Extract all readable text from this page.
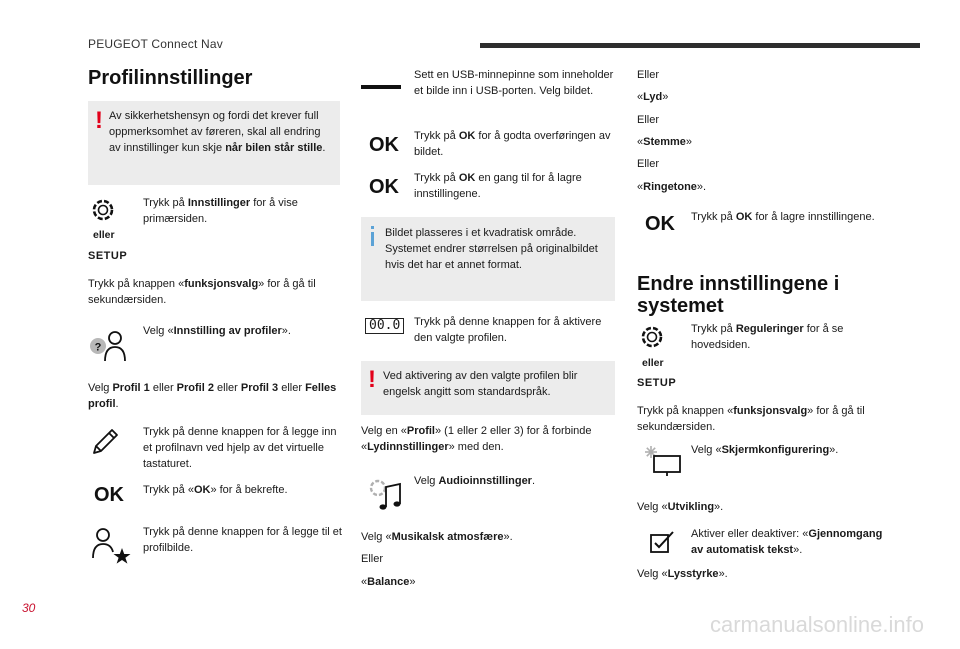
PEUGEOT Connect Nav
Profilinnstillinger
! Av sikkerhetshensyn og fordi det krever full oppmerksomhet av føreren, skal all endring av innstillinger kun skje når bilen står stille.
eller
SETUP
Trykk på Innstillinger for å vise primærsiden.
Trykk på knappen «funksjonsvalg» for å gå til sekundærsiden.
?
Velg «Innstilling av profiler».
Velg Profil 1 eller Profil 2 eller Profil 3 eller Felles profil.
Trykk på denne knappen for å legge inn et profilnavn ved hjelp av det virtuelle tastaturet.
OK Trykk på «OK» for å bekrefte.
Trykk på denne knappen for å legge til et profilbilde.
Sett en USB-minnepinne som inneholder et bilde inn i USB-porten. Velg bildet.
OK Trykk på OK for å godta overføringen av bildet.
OK Trykk på OK en gang til for å lagre innstillingene.
Bildet plasseres i et kvadratisk område. Systemet endrer størrelsen på originalbildet hvis det har et annet format.
00.0	Trykk på denne knappen for å aktivere den valgte profilen.
! Ved aktivering av den valgte profilen blir engelsk angitt som standardspråk.
Velg en «Profil» (1 eller 2 eller 3) for å forbinde «Lydinnstillinger» med den.
Velg Audioinnstillinger.
Velg «Musikalsk atmosfære».
Eller
«Balance»
Eller
«Lyd»
Eller
«Stemme»
Eller
«Ringetone».
OK Trykk på OK for å lagre innstillingene.
Endre innstillingene i systemet
eller
SETUP
Trykk på Reguleringer for å se hovedsiden.
Trykk på knappen «funksjonsvalg» for å gå til sekundærsiden.
Velg «Skjermkonfigurering».
Velg «Utvikling».
Aktiver eller deaktiver: «Gjennomgang av automatisk tekst».
Velg «Lysstyrke».
30
carmanualsonline.info
